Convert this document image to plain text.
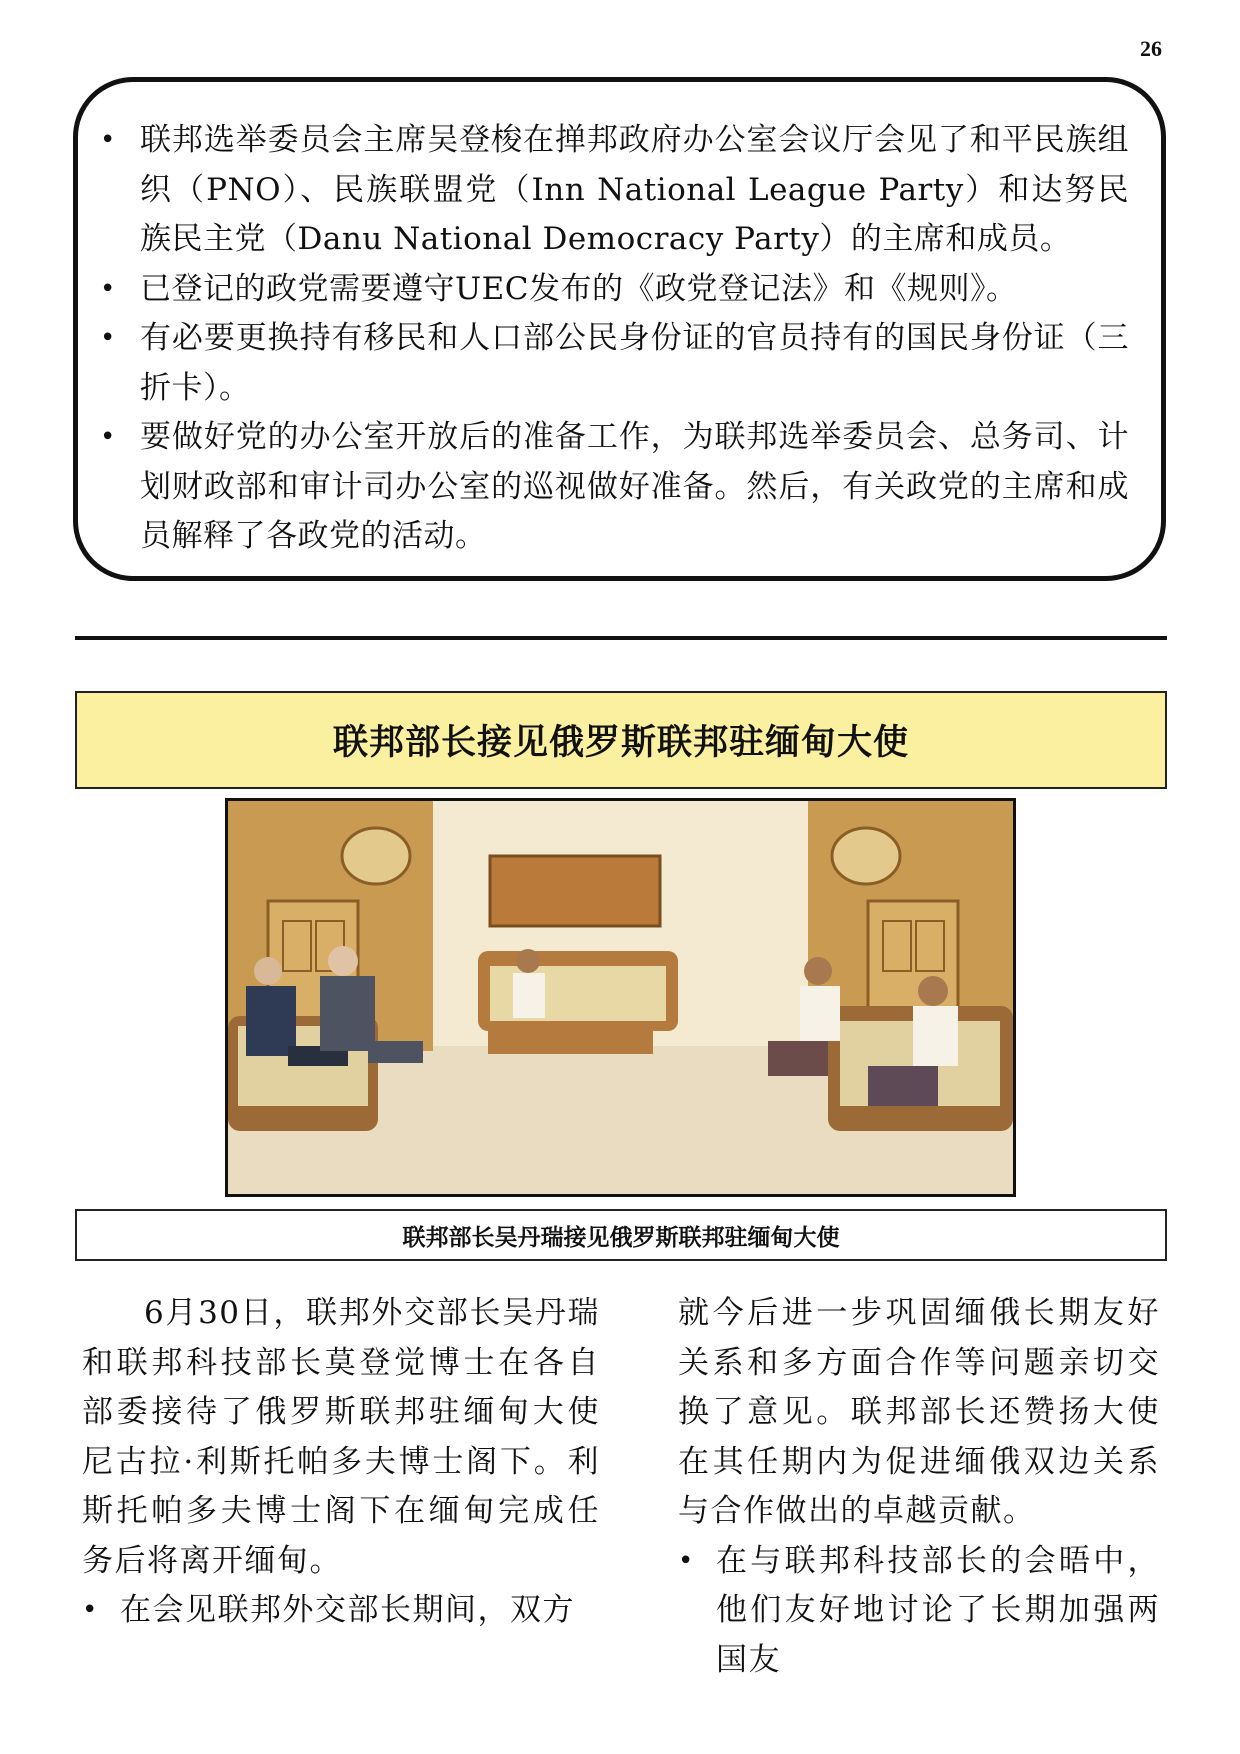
26
• 联邦选举委员会主席吴登梭在掸邦政府办公室会议厅会见了和平民族组织（PNO）、民族联盟党（Inn National League Party）和达努民族民主党（Danu National Democracy Party）的主席和成员。
• 已登记的政党需要遵守UEC发布的《政党登记法》和《规则》。
• 有必要更换持有移民和人口部公民身份证的官员持有的国民身份证（三折卡）。
• 要做好党的办公室开放后的准备工作，为联邦选举委员会、总务司、计划财政部和审计司办公室的巡视做好准备。然后，有关政党的主席和成员解释了各政党的活动。
联邦部长接见俄罗斯联邦驻缅甸大使
联邦部长吴丹瑞接见俄罗斯联邦驻缅甸大使

6月30日，联邦外交部长吴丹瑞和联邦科技部长莫登觉博士在各自部委接待了俄罗斯联邦驻缅甸大使尼古拉·利斯托帕多夫博士阁下。利斯托帕多夫博士阁下在缅甸完成任务后将离开缅甸。

• 在会见联邦外交部长期间，双方

就今后进一步巩固缅俄长期友好关系和多方面合作等问题亲切交换了意见。联邦部长还赞扬大使在其任期内为促进缅俄双边关系与合作做出的卓越贡献。

• 在与联邦科技部长的会晤中，他们友好地讨论了长期加强两国友
